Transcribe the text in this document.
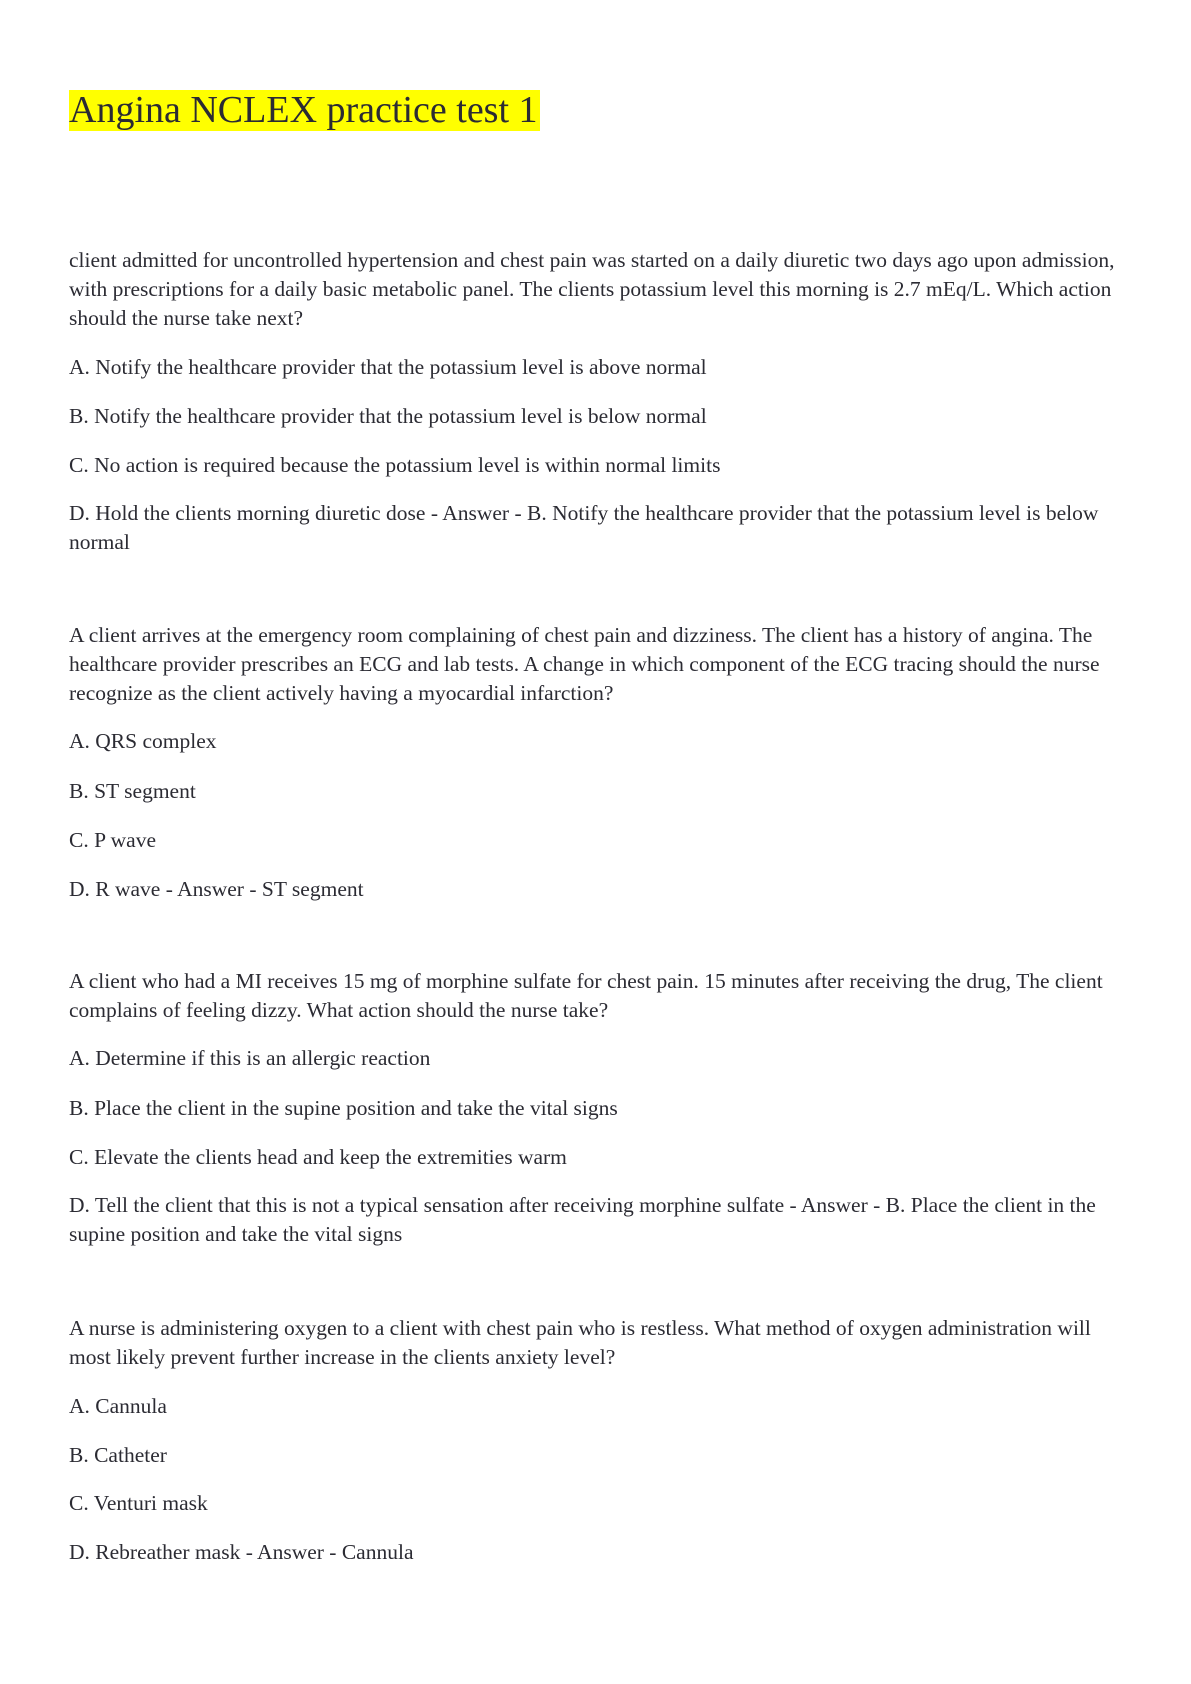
Angina NCLEX practice test 1

client admitted for uncontrolled hypertension and chest pain was started on a daily diuretic two days ago upon admission, with prescriptions for a daily basic metabolic panel. The clients potassium level this morning is 2.7 mEq/L. Which action should the nurse take next?

A. Notify the healthcare provider that the potassium level is above normal

B. Notify the healthcare provider that the potassium level is below normal

C. No action is required because the potassium level is within normal limits

D. Hold the clients morning diuretic dose - Answer - B. Notify the healthcare provider that the potassium level is below normal

A client arrives at the emergency room complaining of chest pain and dizziness. The client has a history of angina. The healthcare provider prescribes an ECG and lab tests. A change in which component of the ECG tracing should the nurse recognize as the client actively having a myocardial infarction?

A. QRS complex

B. ST segment

C. P wave

D. R wave - Answer - ST segment

A client who had a MI receives 15 mg of morphine sulfate for chest pain. 15 minutes after receiving the drug, The client complains of feeling dizzy. What action should the nurse take?

A. Determine if this is an allergic reaction

B. Place the client in the supine position and take the vital signs

C. Elevate the clients head and keep the extremities warm

D. Tell the client that this is not a typical sensation after receiving morphine sulfate - Answer - B. Place the client in the supine position and take the vital signs

A nurse is administering oxygen to a client with chest pain who is restless. What method of oxygen administration will most likely prevent further increase in the clients anxiety level?

A. Cannula

B. Catheter

C. Venturi mask

D. Rebreather mask - Answer - Cannula
